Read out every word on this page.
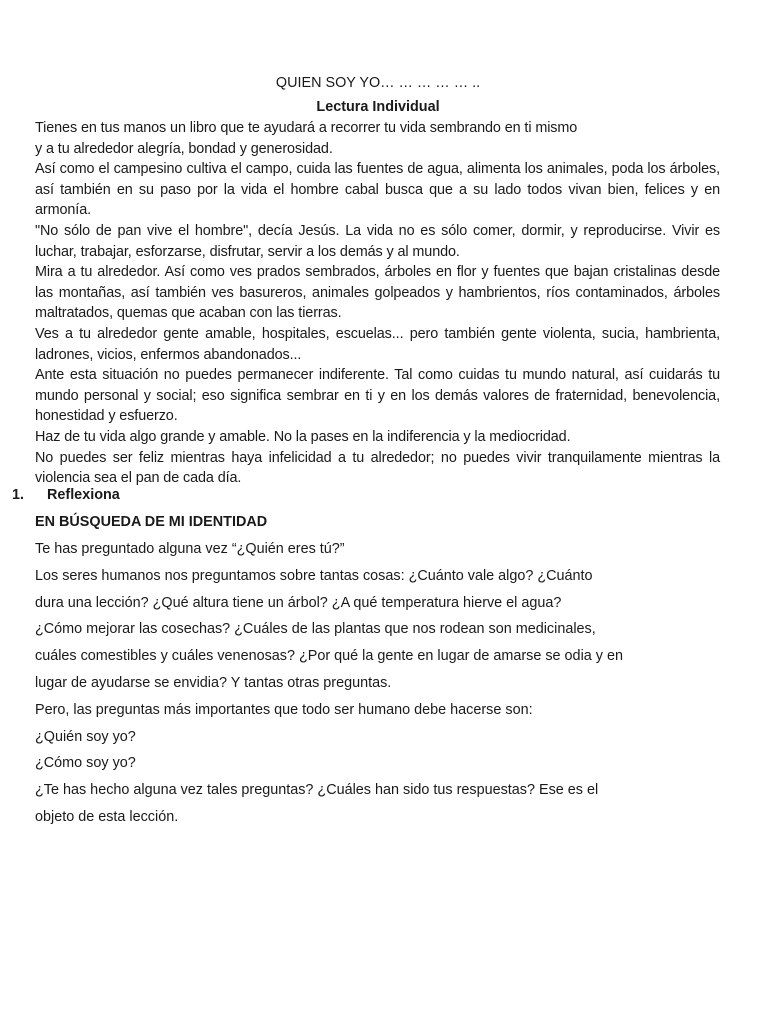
QUIEN SOY YO… … … … … ..
Lectura Individual

Tienes en tus manos un libro que te ayudará a recorrer tu vida sembrando en ti mismo

y a tu alrededor alegría, bondad y generosidad.

Así como el campesino cultiva el campo, cuida las fuentes de agua, alimenta los animales, poda los árboles, así también en su paso por la vida el hombre cabal busca que a su lado todos vivan bien, felices y en armonía.

"No sólo de pan vive el hombre", decía Jesús. La vida no es sólo comer, dormir, y reproducirse. Vivir es luchar, trabajar, esforzarse, disfrutar, servir a los demás y al mundo.

Mira a tu alrededor. Así como ves prados sembrados, árboles en flor y fuentes que bajan cristalinas desde las montañas, así también ves basureros, animales golpeados y hambrientos, ríos contaminados, árboles maltratados, quemas que acaban con las tierras.

Ves a tu alrededor gente amable, hospitales, escuelas... pero también gente violenta, sucia, hambrienta, ladrones, vicios, enfermos abandonados...

Ante esta situación no puedes permanecer indiferente. Tal como cuidas tu mundo natural, así cuidarás tu mundo personal y social; eso significa sembrar en ti y en los demás valores de fraternidad, benevolencia, honestidad y esfuerzo.

Haz de tu vida algo grande y amable. No la pases en la indiferencia y la mediocridad.

No puedes ser feliz mientras haya infelicidad a tu alrededor; no puedes vivir tranquilamente mientras la violencia sea el pan de cada día.

1. Reflexiona
EN BÚSQUEDA DE MI IDENTIDAD
Te has preguntado alguna vez “¿Quién eres tú?”
Los seres humanos nos preguntamos sobre tantas cosas: ¿Cuánto vale algo? ¿Cuánto
dura una lección? ¿Qué altura tiene un árbol? ¿A qué temperatura hierve el agua?
¿Cómo mejorar las cosechas? ¿Cuáles de las plantas que nos rodean son medicinales,
cuáles comestibles y cuáles venenosas? ¿Por qué la gente en lugar de amarse se odia y en
lugar de ayudarse se envidia? Y tantas otras preguntas.
Pero, las preguntas más importantes que todo ser humano debe hacerse son:
¿Quién soy yo?
¿Cómo soy yo?
¿Te has hecho alguna vez tales preguntas? ¿Cuáles han sido tus respuestas? Ese es el
objeto de esta lección.
